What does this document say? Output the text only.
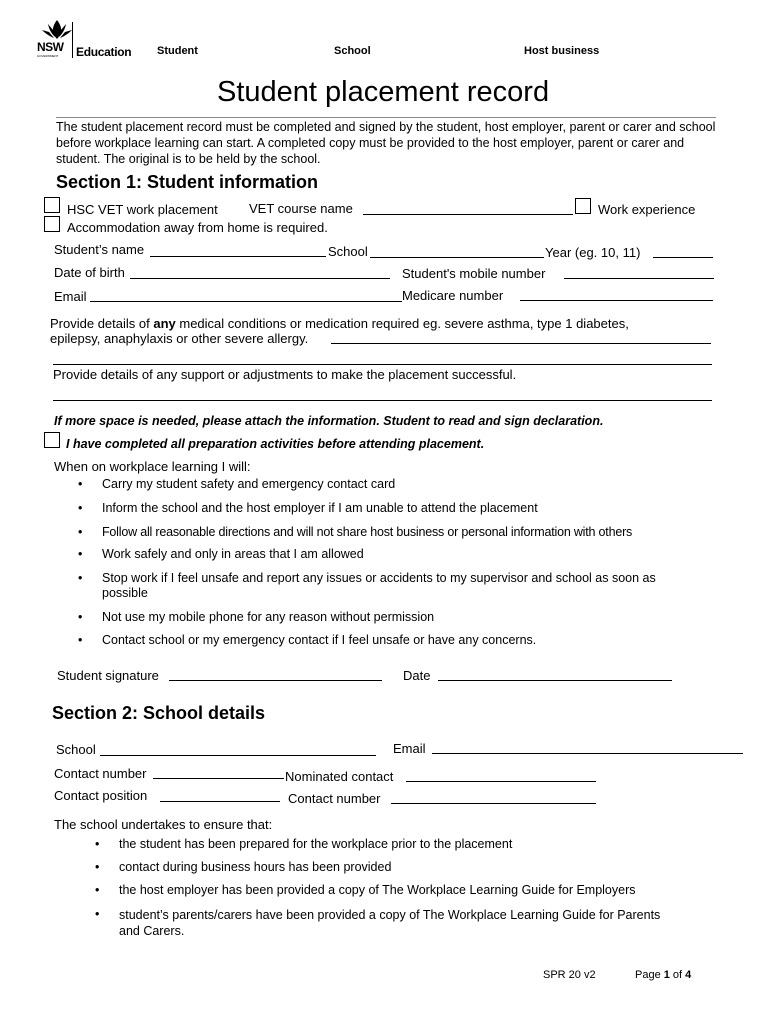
NSW
GOVERNMENT Education Student	School	Host business
Student placement record
The student placement record must be completed and signed by the student, host employer, parent or carer and school before workplace learning can start. A completed copy must be provided to the host employer, parent or carer and student. The original is to be held by the school.
Section 1: Student information
HSC VET work placement VET course name	Work experience
Accommodation away from home is required.
Student’s name	School	Year (eg. 10, 11)
Date of birth	Student's mobile number
Email	Medicare number
Provide details of any medical conditions or medication required eg. severe asthma, type 1 diabetes,
epilepsy, anaphylaxis or other severe allergy.
Provide details of any support or adjustments to make the placement successful.
If more space is needed, please attach the information. Student to read and sign declaration.
I have completed all preparation activities before attending placement.
When on workplace learning I will:
• Carry my student safety and emergency contact card
• Inform the school and the host employer if I am unable to attend the placement
• Follow all reasonable directions and will not share host business or personal information with others
• Work safely and only in areas that I am allowed
• Stop work if I feel unsafe and report any issues or accidents to my supervisor and school as soon as possible
• Not use my mobile phone for any reason without permission
• Contact school or my emergency contact if I feel unsafe or have any concerns.
Student signature	Date
Section 2: School details
School	Email
Contact number	Nominated contact
Contact position	Contact number
The school undertakes to ensure that:
• the student has been prepared for the workplace prior to the placement
• contact during business hours has been provided
• the host employer has been provided a copy of The Workplace Learning Guide for Employers
• student’s parents/carers have been provided a copy of The Workplace Learning Guide for Parents and Carers.
SPR 20 v2	Page 1 of 4
